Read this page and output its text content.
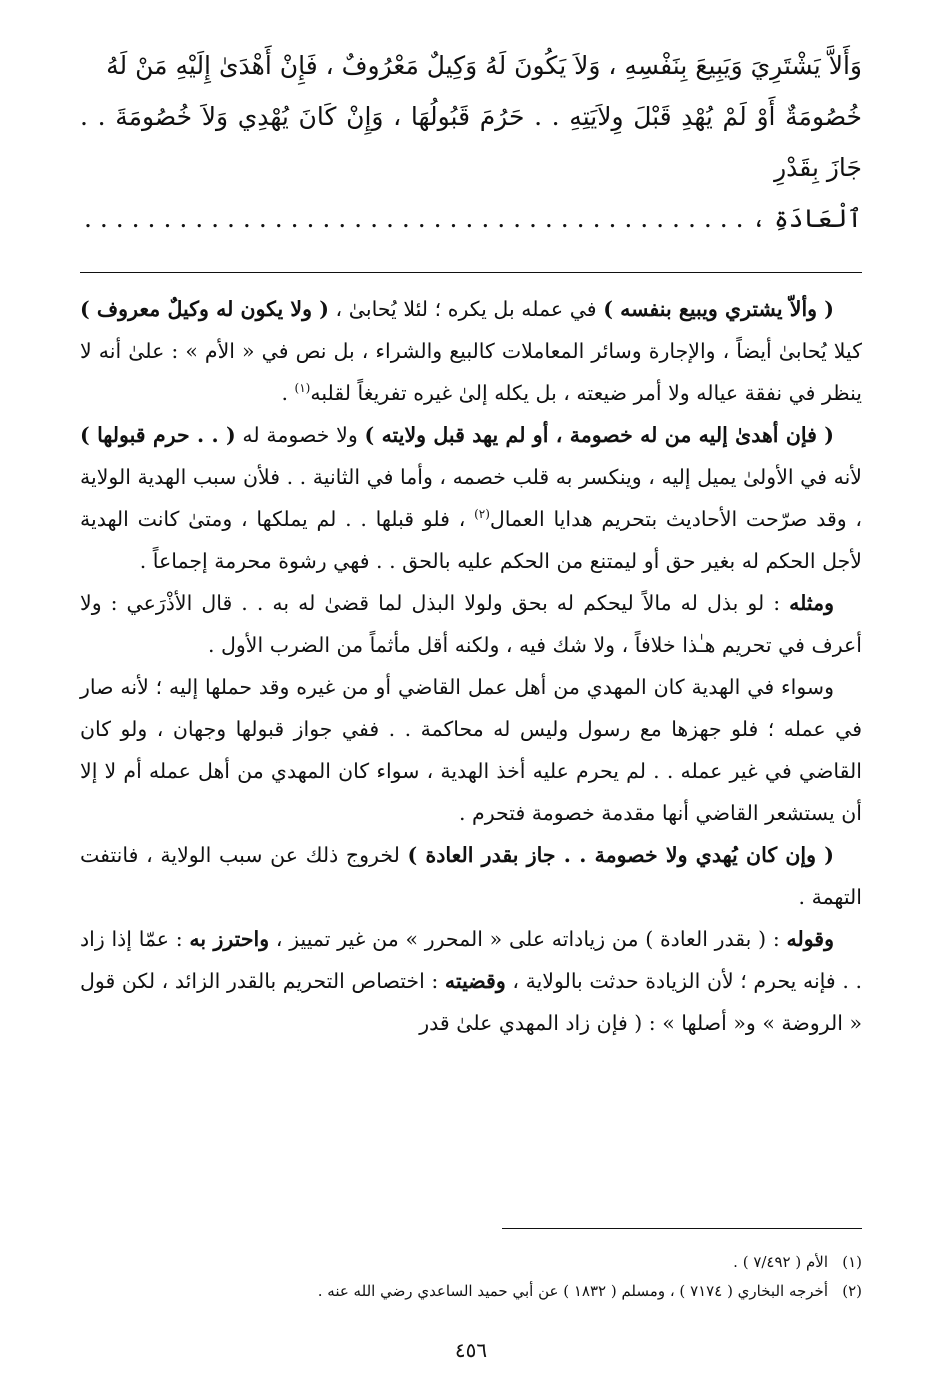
وَأَلاَّ يَشْتَرِيَ وَيَبِيعَ بِنَفْسِهِ ، وَلاَ يَكُونَ لَهُ وَكِيلٌ مَعْرُوفٌ ، فَإِنْ أَهْدَىٰ إِلَيْهِ مَنْ لَهُ
خُصُومَةٌ أَوْ لَمْ يُهْدِ قَبْلَ وِلاَيَتِهِ . . حَرُمَ قَبُولُهَا ، وَإِنْ كَانَ يُهْدِي وَلاَ خُصُومَةَ . . جَازَ بِقَدْرِ
ٱلْعَادَةِ ، . . . . . . . . . . . . . . . . . . . . . . . . . . . . . . . . . . . . . . . . . .

( وألاّ يشتري ويبيع بنفسه ) في عمله بل يكره ؛ لئلا يُحابىٰ ، ( ولا يكون له وكيلٌ معروف ) كيلا يُحابىٰ أيضاً ، والإجارة وسائر المعاملات كالبيع والشراء ، بل نص في « الأم » : علىٰ أنه لا ينظر في نفقة عياله ولا أمر ضيعته ، بل يكله إلىٰ غيره تفريغاً لقلبه$^{(١)}$ .

( فإن أهدىٰ إليه من له خصومة ، أو لم يهد قبل ولايته ) ولا خصومة له ( . . حرم قبولها ) لأنه في الأولىٰ يميل إليه ، وينكسر به قلب خصمه ، وأما في الثانية . . فلأن سبب الهدية الولاية ، وقد صرّحت الأحاديث بتحريم هدايا العمال$^{(٢)}$ ، فلو قبلها . . لم يملكها ، ومتىٰ كانت الهدية لأجل الحكم له بغير حق أو ليمتنع من الحكم عليه بالحق . . فهي رشوة محرمة إجماعاً .

ومثله : لو بذل له مالاً ليحكم له بحق ولولا البذل لما قضىٰ له به . . قال الأذْرَعي : ولا أعرف في تحريم هـٰذا خلافاً ، ولا شك فيه ، ولكنه أقل مأثماً من الضرب الأول .

وسواء في الهدية كان المهدي من أهل عمل القاضي أو من غيره وقد حملها إليه ؛ لأنه صار في عمله ؛ فلو جهزها مع رسول وليس له محاكمة . . ففي جواز قبولها وجهان ، ولو كان القاضي في غير عمله . . لم يحرم عليه أخذ الهدية ، سواء كان المهدي من أهل عمله أم لا إلا أن يستشعر القاضي أنها مقدمة خصومة فتحرم .

( وإن كان يُهدي ولا خصومة . . جاز بقدر العادة ) لخروج ذلك عن سبب الولاية ، فانتفت التهمة .

وقوله : ( بقدر العادة ) من زياداته على « المحرر » من غير تمييز ، واحترز به : عمّا إذا زاد . . فإنه يحرم ؛ لأن الزيادة حدثت بالولاية ، وقضيته : اختصاص التحريم بالقدر الزائد ، لكن قول « الروضة » و« أصلها » : ( فإن زاد المهدي علىٰ قدر

(١)الأم ( ٧/٤٩٢ ) .
(٢)أخرجه البخاري ( ٧١٧٤ ) ، ومسلم ( ١٨٣٢ ) عن أبي حميد الساعدي رضي الله عنه .
٤٥٦
